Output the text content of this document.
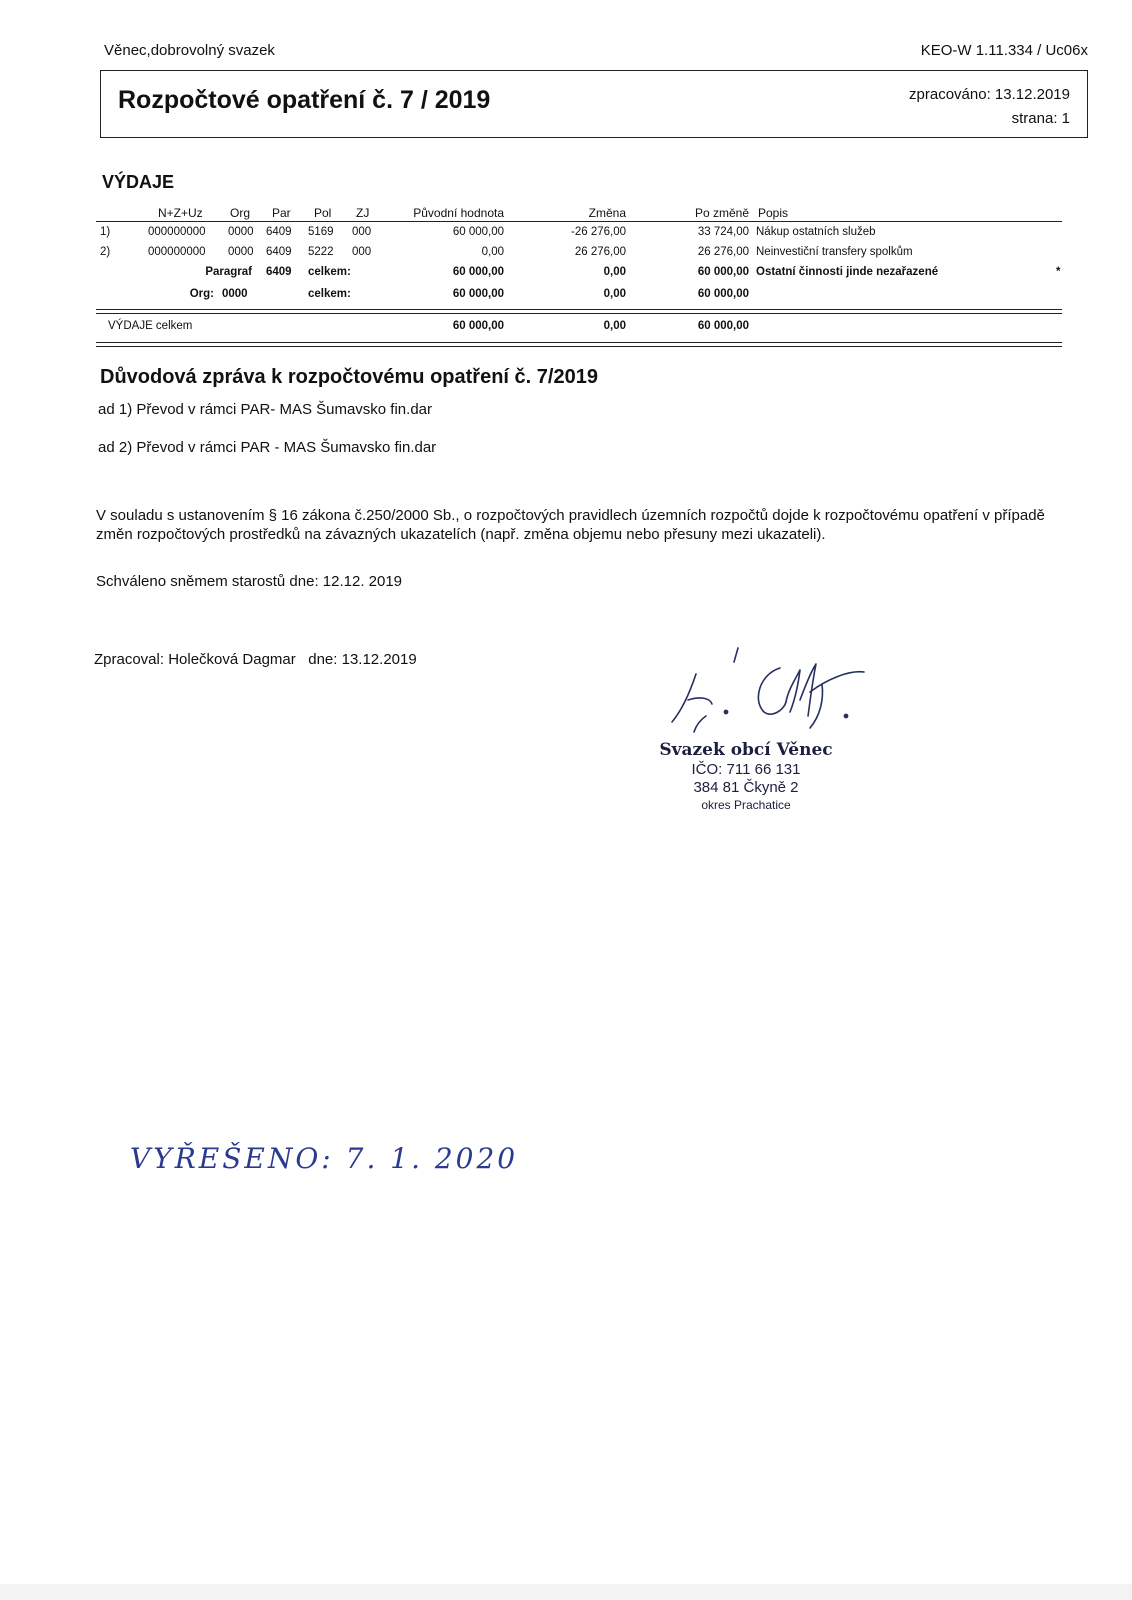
Věnec,dobrovolný svazek	KEO-W 1.11.334 / Uc06x
Rozpočtové opatření č. 7 / 2019	zpracováno: 13.12.2019
strana: 1
VÝDAJE
N+Z+Uz Org Par Pol ZJ	Původní hodnota	Změna	Po změně Popis
1)	000000000 0000 6409 5169 000	60 000,00	-26 276,00	33 724,00 Nákup ostatních služeb
2)	000000000 0000 6409 5222 000	0,00	26 276,00	26 276,00 Neinvestiční transfery spolkům
Paragraf 6409 celkem:	60 000,00	0,00	60 000,00 Ostatní činnosti jinde nezařazené	*
Org: 0000	celkem:	60 000,00	0,00	60 000,00
VÝDAJE celkem	60 000,00	0,00	60 000,00
Důvodová zpráva k rozpočtovému opatření č. 7/2019
ad 1) Převod v rámci PAR- MAS Šumavsko fin.dar
ad 2) Převod v rámci PAR - MAS Šumavsko fin.dar
V souladu s ustanovením § 16 zákona č.250/2000 Sb., o rozpočtových pravidlech územních rozpočtů dojde k rozpočtovému opatření v případě změn rozpočtových prostředků na závazných ukazatelích (např. změna objemu nebo přesuny mezi ukazateli).
Schváleno sněmem starostů dne: 12.12. 2019
Zpracoval: Holečková Dagmar   dne: 13.12.2019
Svazek obcí Věnec
IČO: 711 66 131
384 81 Čkyně 2
okres Prachatice
VYŘEŠENO: 7. 1. 2020
